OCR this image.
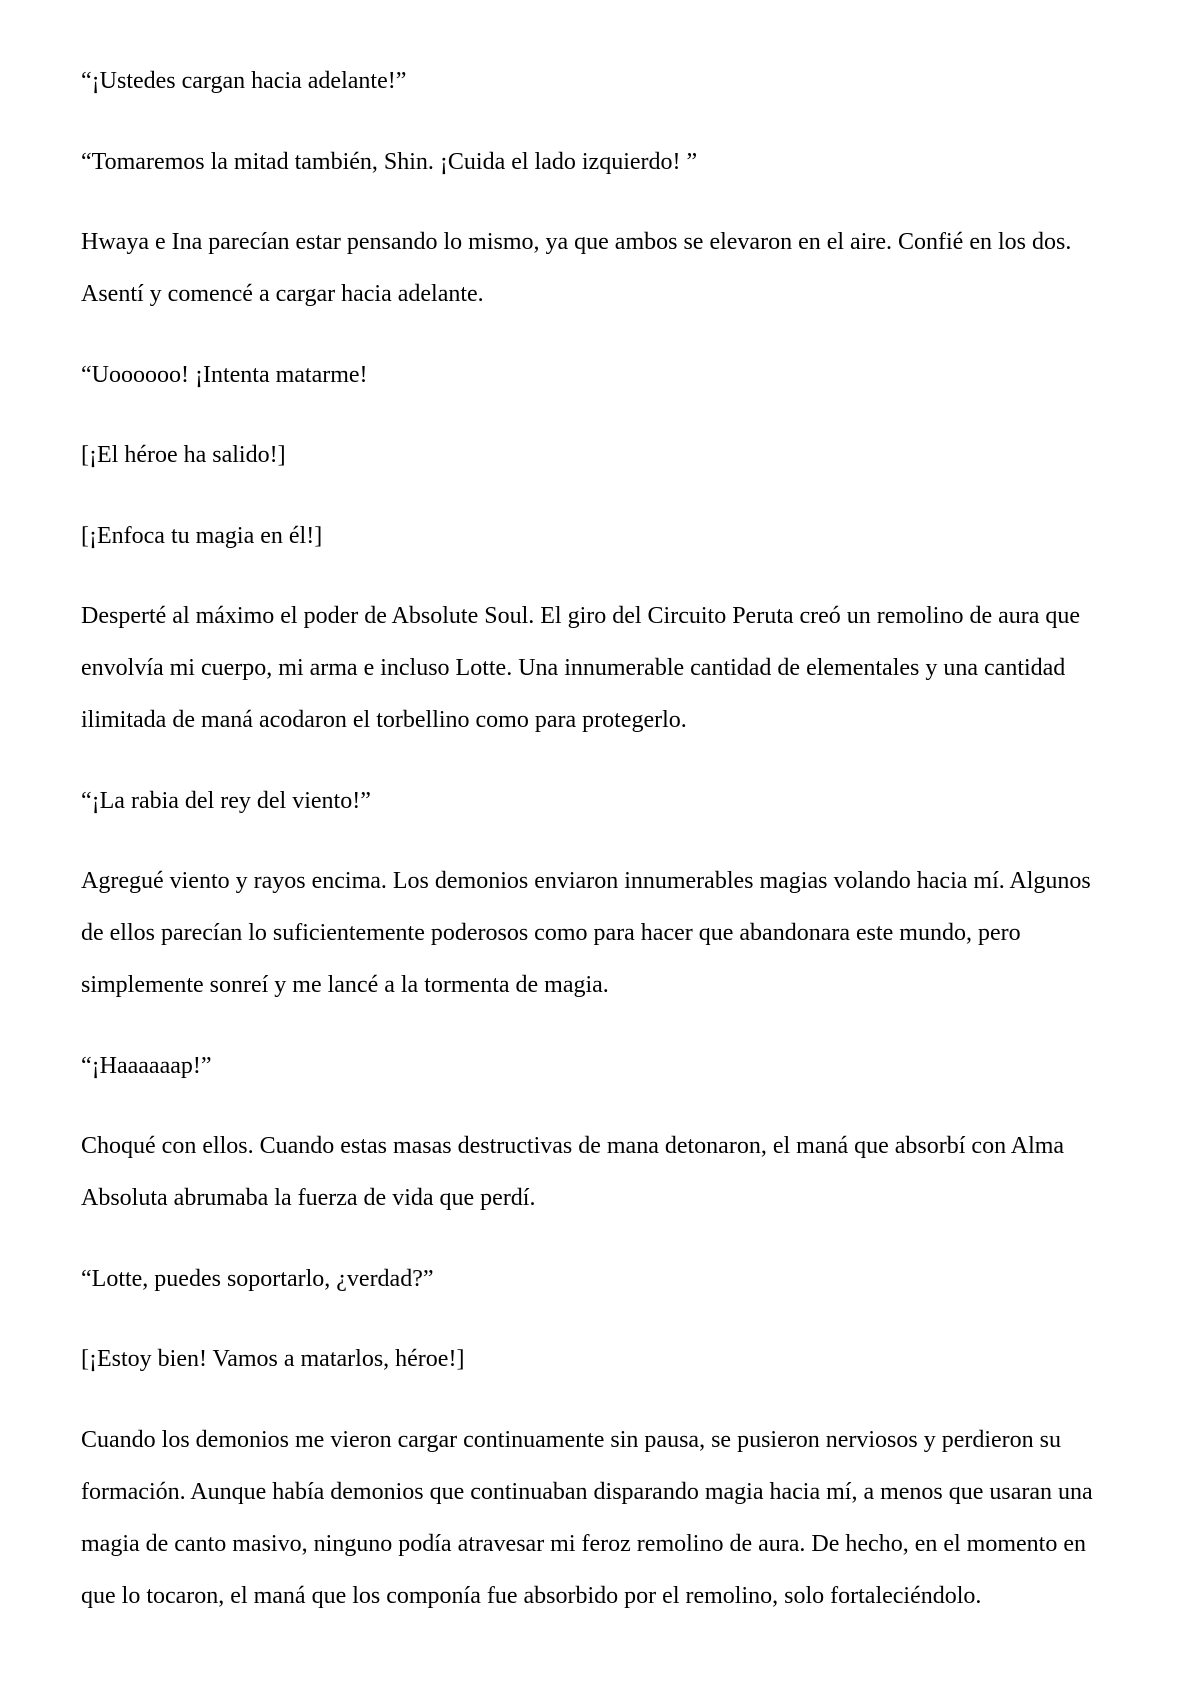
“¡Ustedes cargan hacia adelante!”

“Tomaremos la mitad también, Shin. ¡Cuida el lado izquierdo! ”

Hwaya e Ina parecían estar pensando lo mismo, ya que ambos se elevaron en el aire. Confié en los dos.
Asentí y comencé a cargar hacia adelante.

“Uoooooo! ¡Intenta matarme!

[¡El héroe ha salido!]

[¡Enfoca tu magia en él!]

Desperté al máximo el poder de Absolute Soul. El giro del Circuito Peruta creó un remolino de aura que
envolvía mi cuerpo, mi arma e incluso Lotte. Una innumerable cantidad de elementales y una cantidad
ilimitada de maná acodaron el torbellino como para protegerlo.

“¡La rabia del rey del viento!”

Agregué viento y rayos encima. Los demonios enviaron innumerables magias volando hacia mí. Algunos
de ellos parecían lo suficientemente poderosos como para hacer que abandonara este mundo, pero
simplemente sonreí y me lancé a la tormenta de magia.

“¡Haaaaaap!”

Choqué con ellos. Cuando estas masas destructivas de mana detonaron, el maná que absorbí con Alma
Absoluta abrumaba la fuerza de vida que perdí.

“Lotte, puedes soportarlo, ¿verdad?”

[¡Estoy bien! Vamos a matarlos, héroe!]

Cuando los demonios me vieron cargar continuamente sin pausa, se pusieron nerviosos y perdieron su
formación. Aunque había demonios que continuaban disparando magia hacia mí, a menos que usaran una
magia de canto masivo, ninguno podía atravesar mi feroz remolino de aura. De hecho, en el momento en
que lo tocaron, el maná que los componía fue absorbido por el remolino, solo fortaleciéndolo.
